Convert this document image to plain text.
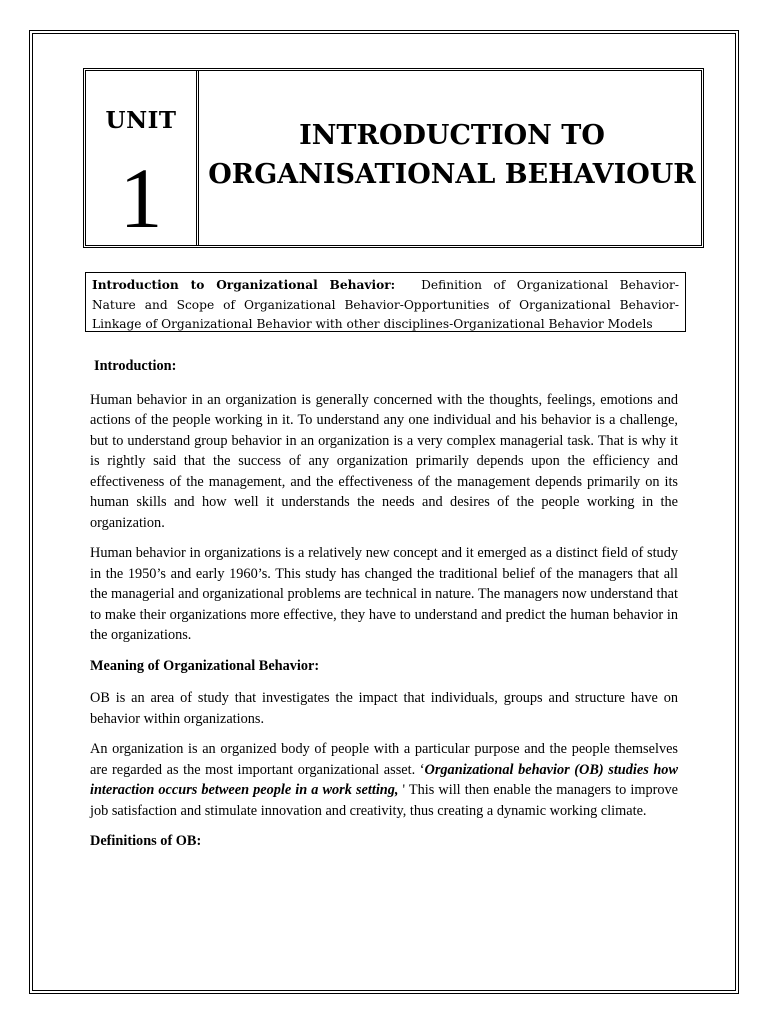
UNIT
1
INTRODUCTION TO
ORGANISATIONAL BEHAVIOUR
Introduction to Organizational Behavior: Definition of Organizational Behavior- Nature and Scope of Organizational Behavior-Opportunities of Organizational Behavior- Linkage of Organizational Behavior with other disciplines-Organizational Behavior Models
Introduction:

Human behavior in an organization is generally concerned with the thoughts, feelings, emotions and actions of the people working in it. To understand any one individual and his behavior is a challenge, but to understand group behavior in an organization is a very complex managerial task. That is why it is rightly said that the success of any organization primarily depends upon the efficiency and effectiveness of the management, and the effectiveness of the management depends primarily on its human skills and how well it understands the needs and desires of the people working in the organization.

Human behavior in organizations is a relatively new concept and it emerged as a distinct field of study in the 1950’s and early 1960’s. This study has changed the traditional belief of the managers that all the managerial and organizational problems are technical in nature. The managers now understand that to make their organizations more effective, they have to understand and predict the human behavior in the organizations.

Meaning of Organizational Behavior:

OB is an area of study that investigates the impact that individuals, groups and structure have on behavior within organizations.

An organization is an organized body of people with a particular purpose and the people themselves are regarded as the most important organizational asset. ‘Organizational behavior (OB) studies how interaction occurs between people in a work setting, ' This will then enable the managers to improve job satisfaction and stimulate innovation and creativity, thus creating a dynamic working climate.

Definitions of OB:
